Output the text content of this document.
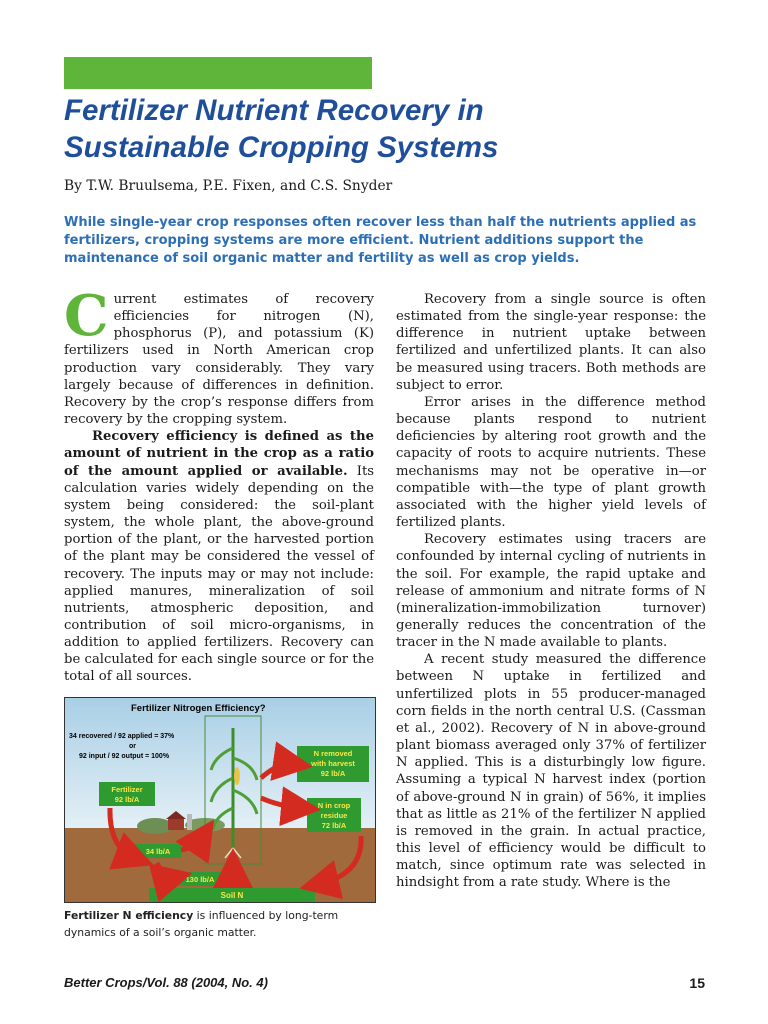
Fertilizer Nutrient Recovery in
Sustainable Cropping Systems
By T.W. Bruulsema, P.E. Fixen, and C.S. Snyder

While single-year crop responses often recover less than half the nutrients applied as fertilizers, cropping systems are more efficient. Nutrient additions support the maintenance of soil organic matter and fertility as well as crop yields.

Current estimates of recovery efficiencies for nitrogen (N), phosphorus (P), and potassium (K) fertilizers used in North American crop production vary considerably. They vary largely because of differences in definition. Recovery by the crop’s response differs from recovery by the cropping system.

Recovery efficiency is defined as the amount of nutrient in the crop as a ratio of the amount applied or available. Its calculation varies widely depending on the system being considered: the soil-plant system, the whole plant, the above-ground portion of the plant, or the harvested portion of the plant may be considered the vessel of recovery. The inputs may or may not include: applied manures, mineralization of soil nutrients, atmospheric deposition, and contribution of soil micro-organisms, in addition to applied fertilizers. Recovery can be calculated for each single source or for the total of all sources.

Recovery from a single source is often estimated from the single-year response: the difference in nutrient uptake between fertilized and unfertilized plants. It can also be measured using tracers. Both methods are subject to error.

Error arises in the difference method because plants respond to nutrient deficiencies by altering root growth and the capacity of roots to acquire nutrients. These mechanisms may not be operative in—or compatible with—the type of plant growth associated with the higher yield levels of fertilized plants.

Recovery estimates using tracers are confounded by internal cycling of nutrients in the soil. For example, the rapid uptake and release of ammonium and nitrate forms of N (mineralization-immobilization turnover) generally reduces the concentration of the tracer in the N made available to plants.

A recent study measured the difference between N uptake in fertilized and unfertilized plots in 55 producer-managed corn fields in the north central U.S. (Cassman et al., 2002). Recovery of N in above-ground plant biomass averaged only 37% of fertilizer N applied. This is a disturbingly low figure. Assuming a typical N harvest index (portion of above-ground N in grain) of 56%, it implies that as little as 21% of the fertilizer N applied is removed in the grain. In actual practice, this level of efficiency would be difficult to match, since optimum rate was selected in hindsight from a rate study. Where is the

Fertilizer Nitrogen Efficiency?
34 recovered / 92 applied = 37%
or
92 input / 92 output = 100%
Fertilizer
92 lb/A
N removed
with harvest
92 lb/A
N in crop
residue
72 lb/A
34 lb/A
130 lb/A
Soil N

Fertilizer N efficiency is influenced by long-term dynamics of a soil’s organic matter.

Better Crops/Vol. 88 (2004, No. 4)	15
